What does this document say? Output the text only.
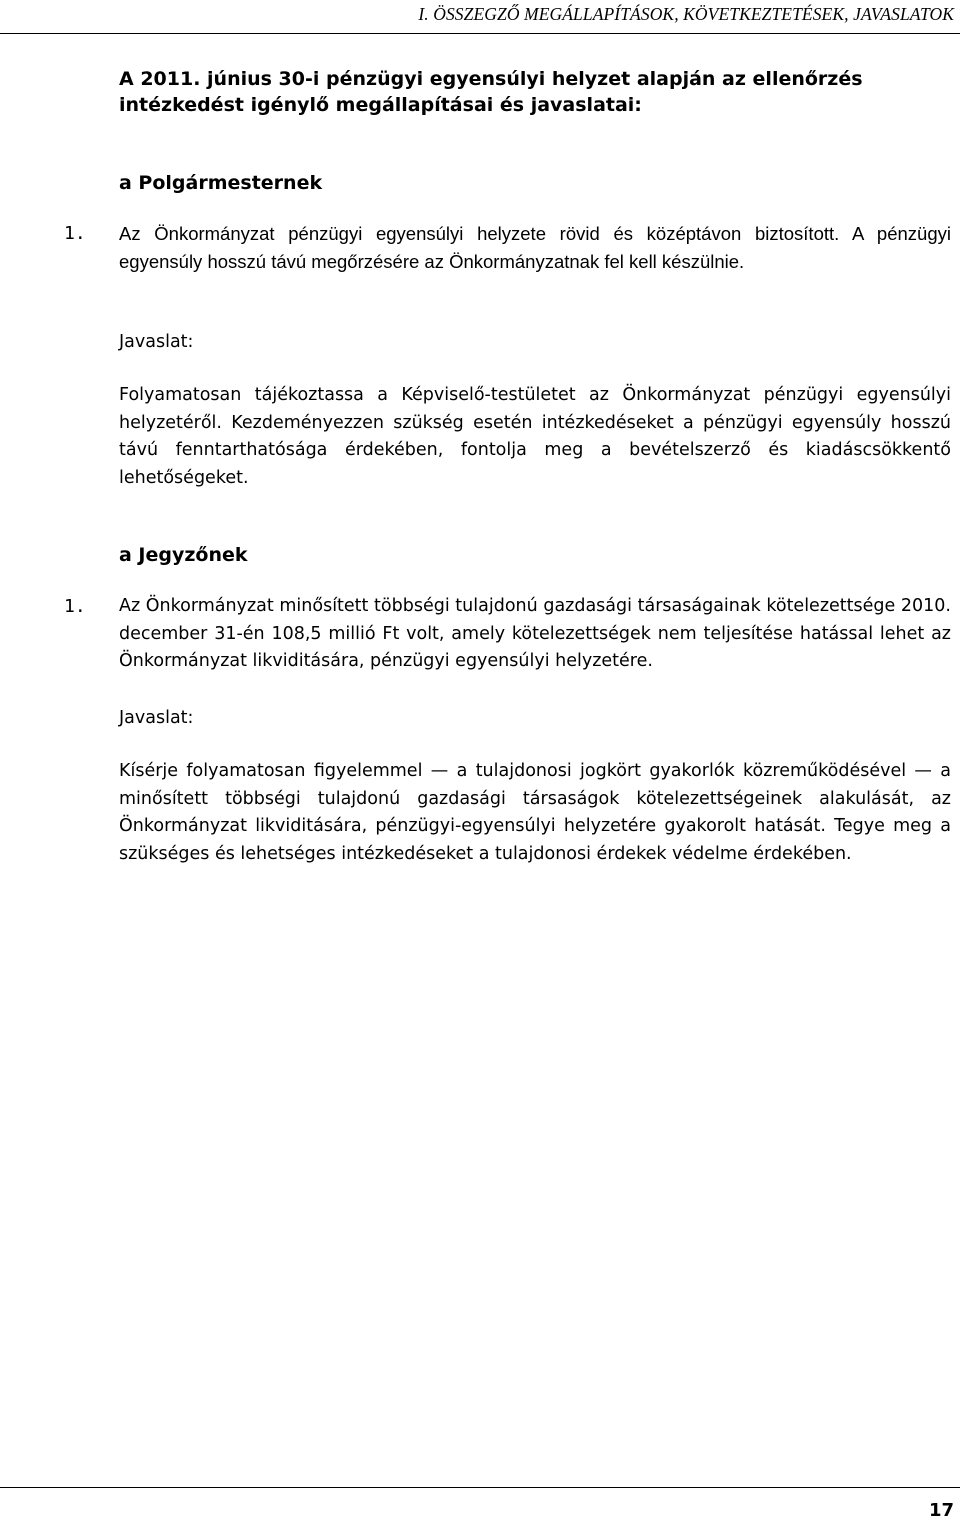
I. ÖSSZEGZŐ MEGÁLLAPÍTÁSOK, KÖVETKEZTETÉSEK, JAVASLATOK
A 2011. június 30-i pénzügyi egyensúlyi helyzet alapján az ellenőrzés intézkedést igénylő megállapításai és javaslatai:
a Polgármesternek
1. Az Önkormányzat pénzügyi egyensúlyi helyzete rövid és középtávon biztosított. A pénzügyi egyensúly hosszú távú megőrzésére az Önkormányzatnak fel kell készülnie.

Javaslat:

Folyamatosan tájékoztassa a Képviselő-testületet az Önkormányzat pénzügyi egyensúlyi helyzetéről. Kezdeményezzen szükség esetén intézkedéseket a pénzügyi egyensúly hosszú távú fenntarthatósága érdekében, fontolja meg a bevételszerző és kiadáscsökkentő lehetőségeket.

a Jegyzőnek
1. Az Önkormányzat minősített többségi tulajdonú gazdasági társaságainak kötelezettsége 2010. december 31-én 108,5 millió Ft volt, amely kötelezettségek nem teljesítése hatással lehet az Önkormányzat likviditására, pénzügyi egyensúlyi helyzetére.

Javaslat:

Kísérje folyamatosan figyelemmel — a tulajdonosi jogkört gyakorlók közreműködésével — a minősített többségi tulajdonú gazdasági társaságok kötelezettségeinek alakulását, az Önkormányzat likviditására, pénzügyi-egyensúlyi helyzetére gyakorolt hatását. Tegye meg a szükséges és lehetséges intézkedéseket a tulajdonosi érdekek védelme érdekében.

17
